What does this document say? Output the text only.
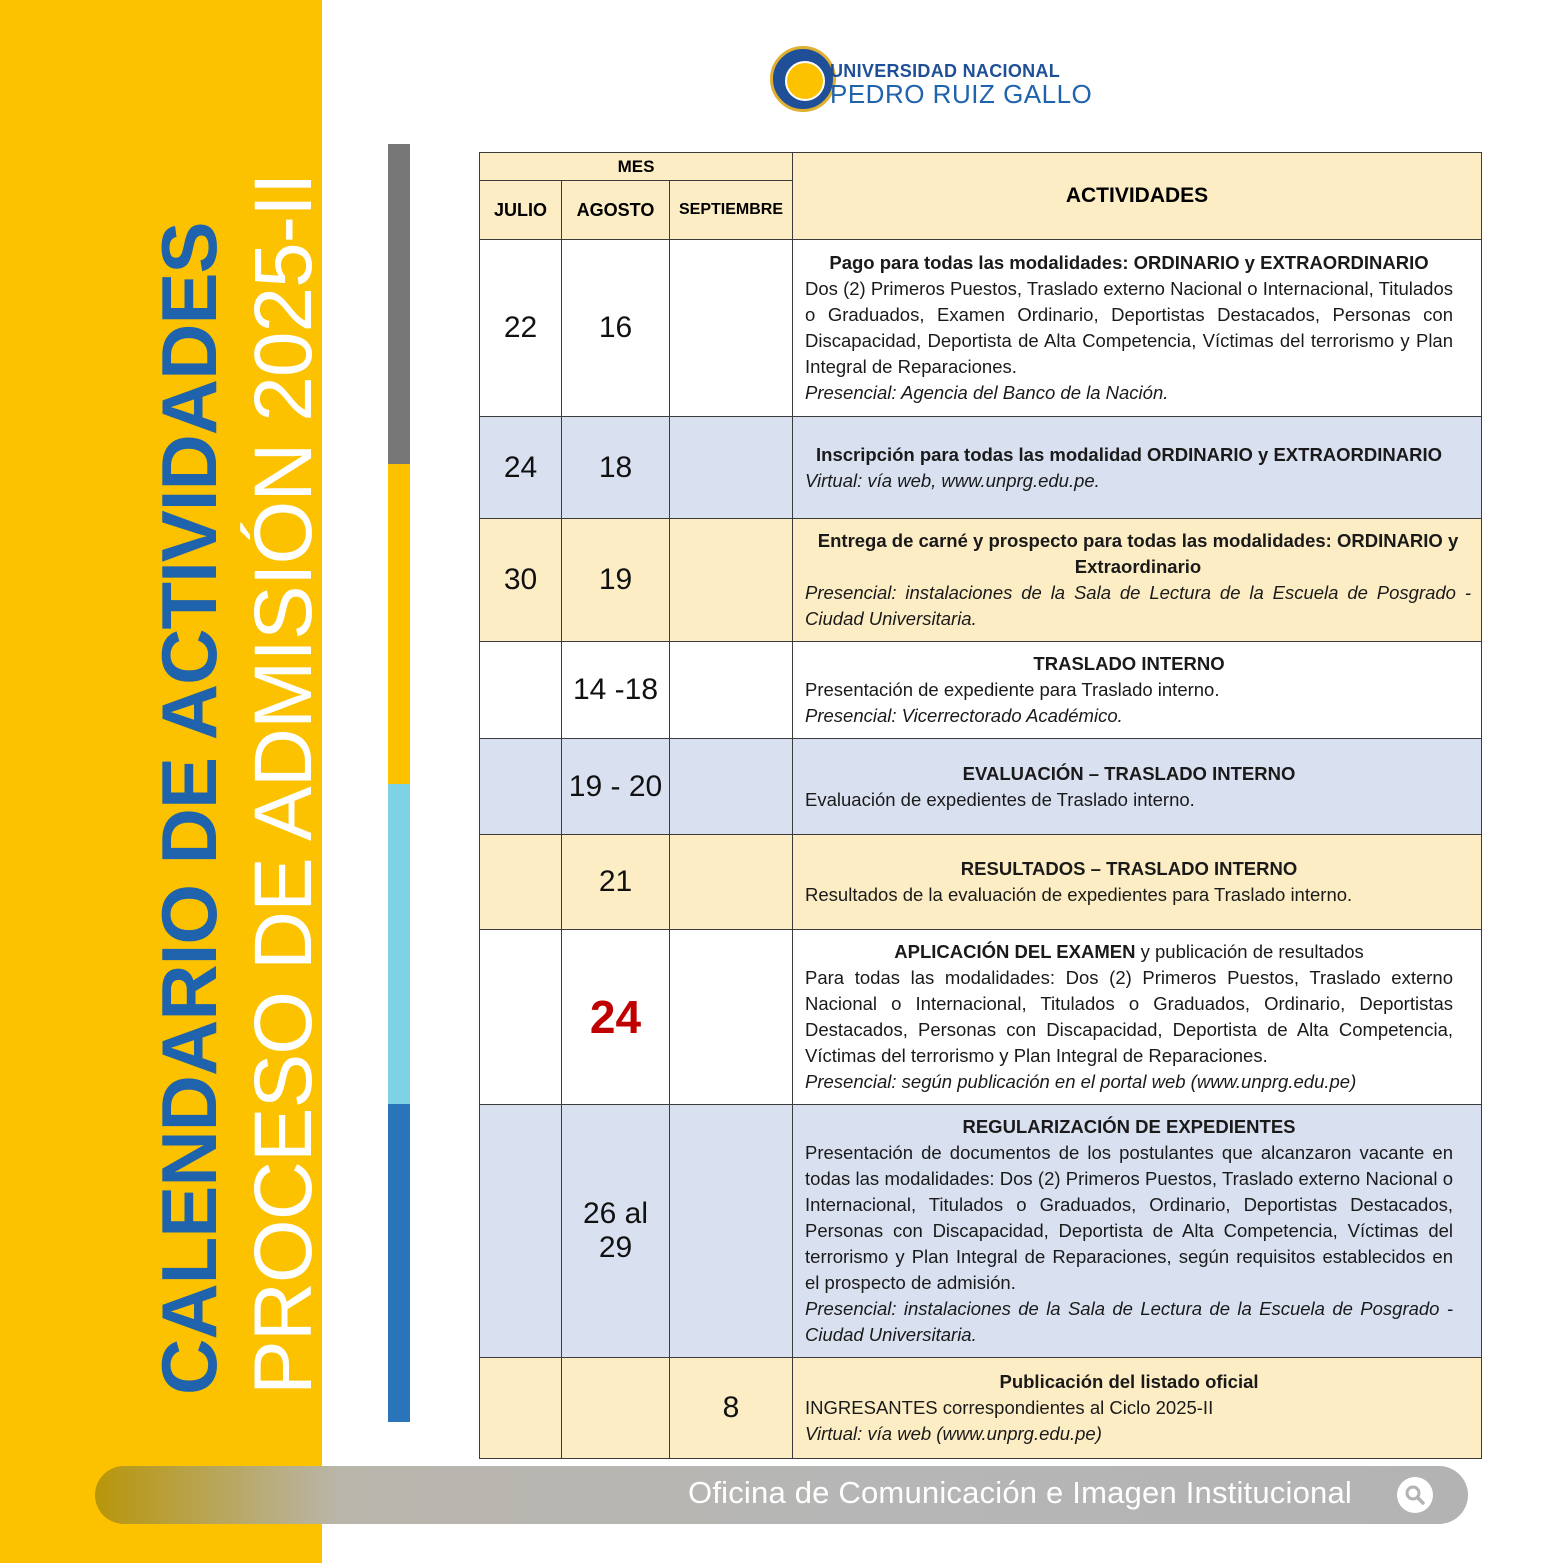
CALENDARIO DE ACTIVIDADES PROCESO DE ADMISIÓN 2025-II
UNIVERSIDAD NACIONAL
PEDRO RUIZ GALLO
MES			ACTIVIDADES
JULIO	AGOSTO	SEPTIEMBRE	
22	16		Pago para todas las modalidades: ORDINARIO y EXTRAORDINARIO
Dos (2) Primeros Puestos, Traslado externo Nacional o Internacional, Titulados o Graduados, Examen Ordinario, Deportistas Destacados, Personas con Discapacidad, Deportista de Alta Competencia, Víctimas del terrorismo y Plan Integral de Reparaciones.
Presencial: Agencia del Banco de la Nación.

24	18		Inscripción para todas las modalidad ORDINARIO y EXTRAORDINARIO
Virtual: vía web, www.unprg.edu.pe.

30	19		Entrega de carné y prospecto para todas las modalidades: ORDINARIO y Extraordinario
Presencial: instalaciones de la Sala de Lectura de la Escuela de Posgrado - Ciudad Universitaria.

	14 -18		TRASLADO INTERNO
Presentación de expediente para Traslado interno.
Presencial: Vicerrectorado Académico.

	19 - 20		EVALUACIÓN – TRASLADO INTERNO
Evaluación de expedientes de Traslado interno.

	21		RESULTADOS – TRASLADO INTERNO
Resultados de la evaluación de expedientes para Traslado interno.

	24		APLICACIÓN DEL EXAMEN y publicación de resultados
Para todas las modalidades: Dos (2) Primeros Puestos, Traslado externo Nacional o Internacional, Titulados o Graduados, Ordinario, Deportistas Destacados, Personas con Discapacidad, Deportista de Alta Competencia, Víctimas del terrorismo y Plan Integral de Reparaciones.
Presencial: según publicación en el portal web (www.unprg.edu.pe)

	26 al 29		REGULARIZACIÓN DE EXPEDIENTES
Presentación de documentos de los postulantes que alcanzaron vacante en todas las modalidades: Dos (2) Primeros Puestos, Traslado externo Nacional o Internacional, Titulados o Graduados, Ordinario, Deportistas Destacados, Personas con Discapacidad, Deportista de Alta Competencia, Víctimas del terrorismo y Plan Integral de Reparaciones, según requisitos establecidos en el prospecto de admisión.
Presencial: instalaciones de la Sala de Lectura de la Escuela de Posgrado - Ciudad Universitaria.

		8	Publicación del listado oficial
INGRESANTES correspondientes al Ciclo 2025-II
Virtual: vía web (www.unprg.edu.pe)
Oficina de Comunicación e Imagen Institucional
